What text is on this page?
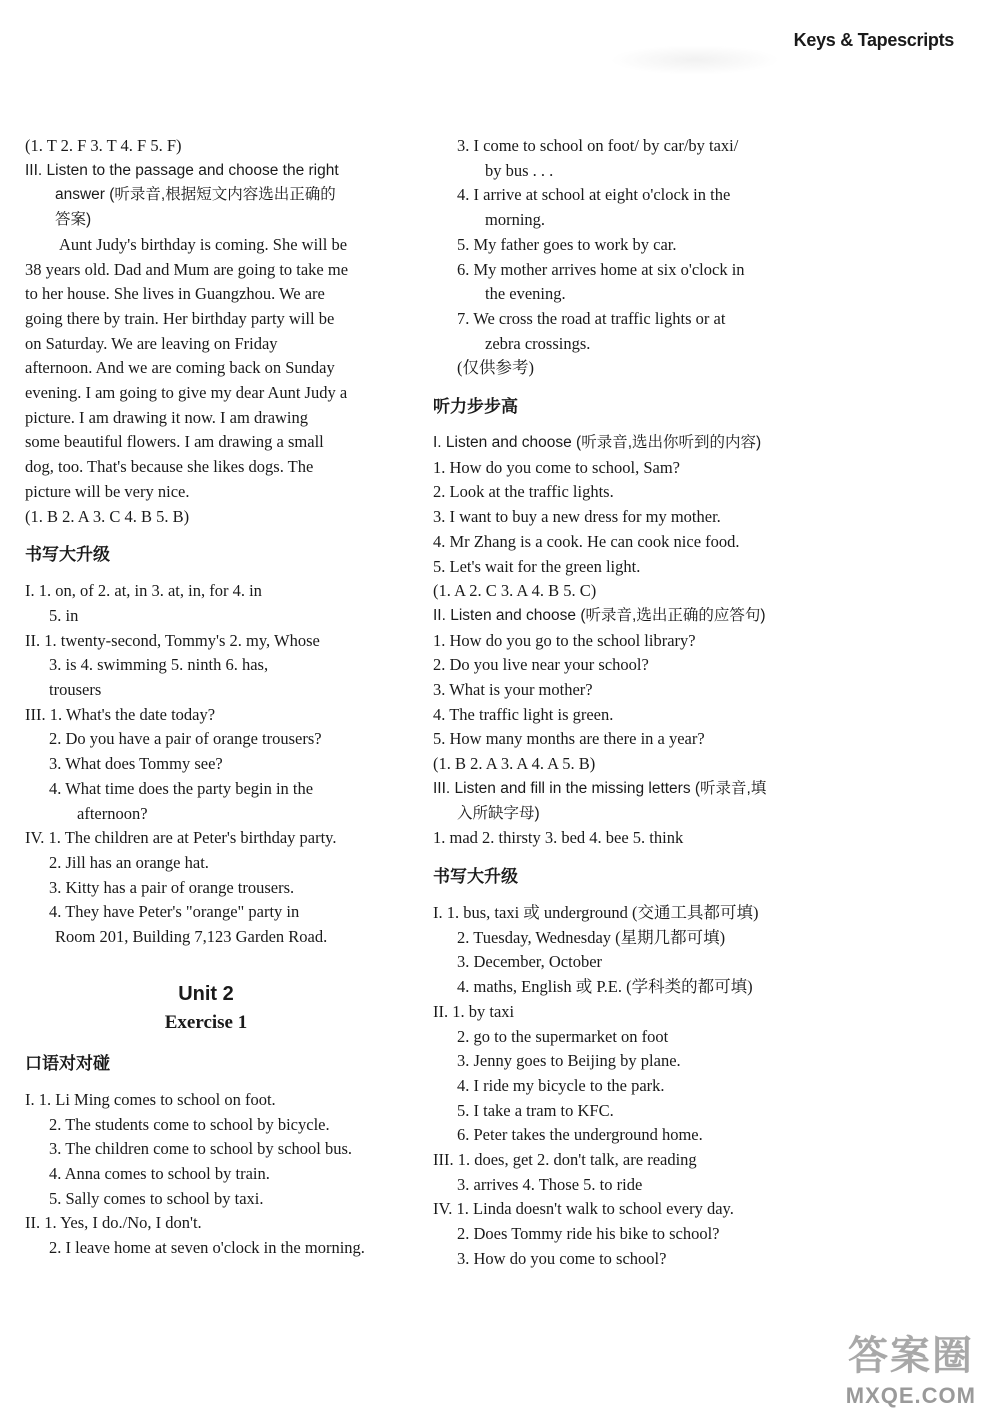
Keys & Tapescripts
(1. T 2. F 3. T 4. F 5. F)
III. Listen to the passage and choose the right
answer (听录音,根据短文内容选出正确的
答案)
Aunt Judy's birthday is coming. She will be
38 years old. Dad and Mum are going to take me
to her house. She lives in Guangzhou. We are
going there by train. Her birthday party will be
on Saturday. We are leaving on Friday
afternoon. And we are coming back on Sunday
evening. I am going to give my dear Aunt Judy a
picture. I am drawing it now. I am drawing
some beautiful flowers. I am drawing a small
dog, too. That's because she likes dogs. The
picture will be very nice.
(1. B 2. A 3. C 4. B 5. B)
书写大升级
I. 1. on, of 2. at, in 3. at, in, for 4. in
5. in
II. 1. twenty-second, Tommy's 2. my, Whose
3. is 4. swimming 5. ninth 6. has,
trousers
III. 1. What's the date today?
2. Do you have a pair of orange trousers?
3. What does Tommy see?
4. What time does the party begin in the
afternoon?
IV. 1. The children are at Peter's birthday party.
2. Jill has an orange hat.
3. Kitty has a pair of orange trousers.
4. They have Peter's "orange" party in
Room 201, Building 7,123 Garden Road.
Unit 2
Exercise 1
口语对对碰
I. 1. Li Ming comes to school on foot.
2. The students come to school by bicycle.
3. The children come to school by school bus.
4. Anna comes to school by train.
5. Sally comes to school by taxi.
II. 1. Yes, I do./No, I don't.
2. I leave home at seven o'clock in the morning.
3. I come to school on foot/ by car/by taxi/
by bus . . .
4. I arrive at school at eight o'clock in the
morning.
5. My father goes to work by car.
6. My mother arrives home at six o'clock in
the evening.
7. We cross the road at traffic lights or at
zebra crossings.
(仅供参考)
听力步步高
I. Listen and choose (听录音,选出你听到的内容)
1. How do you come to school, Sam?
2. Look at the traffic lights.
3. I want to buy a new dress for my mother.
4. Mr Zhang is a cook. He can cook nice food.
5. Let's wait for the green light.
(1. A 2. C 3. A 4. B 5. C)
II. Listen and choose (听录音,选出正确的应答句)
1. How do you go to the school library?
2. Do you live near your school?
3. What is your mother?
4. The traffic light is green.
5. How many months are there in a year?
(1. B 2. A 3. A 4. A 5. B)
III. Listen and fill in the missing letters (听录音,填
入所缺字母)
1. mad 2. thirsty 3. bed 4. bee 5. think
书写大升级
I. 1. bus, taxi 或 underground (交通工具都可填)
2. Tuesday, Wednesday (星期几都可填)
3. December, October
4. maths, English 或 P.E. (学科类的都可填)
II. 1. by taxi
2. go to the supermarket on foot
3. Jenny goes to Beijing by plane.
4. I ride my bicycle to the park.
5. I take a tram to KFC.
6. Peter takes the underground home.
III. 1. does, get 2. don't talk, are reading
3. arrives 4. Those 5. to ride
IV. 1. Linda doesn't walk to school every day.
2. Does Tommy ride his bike to school?
3. How do you come to school?
答案圈
MXQE.COM
